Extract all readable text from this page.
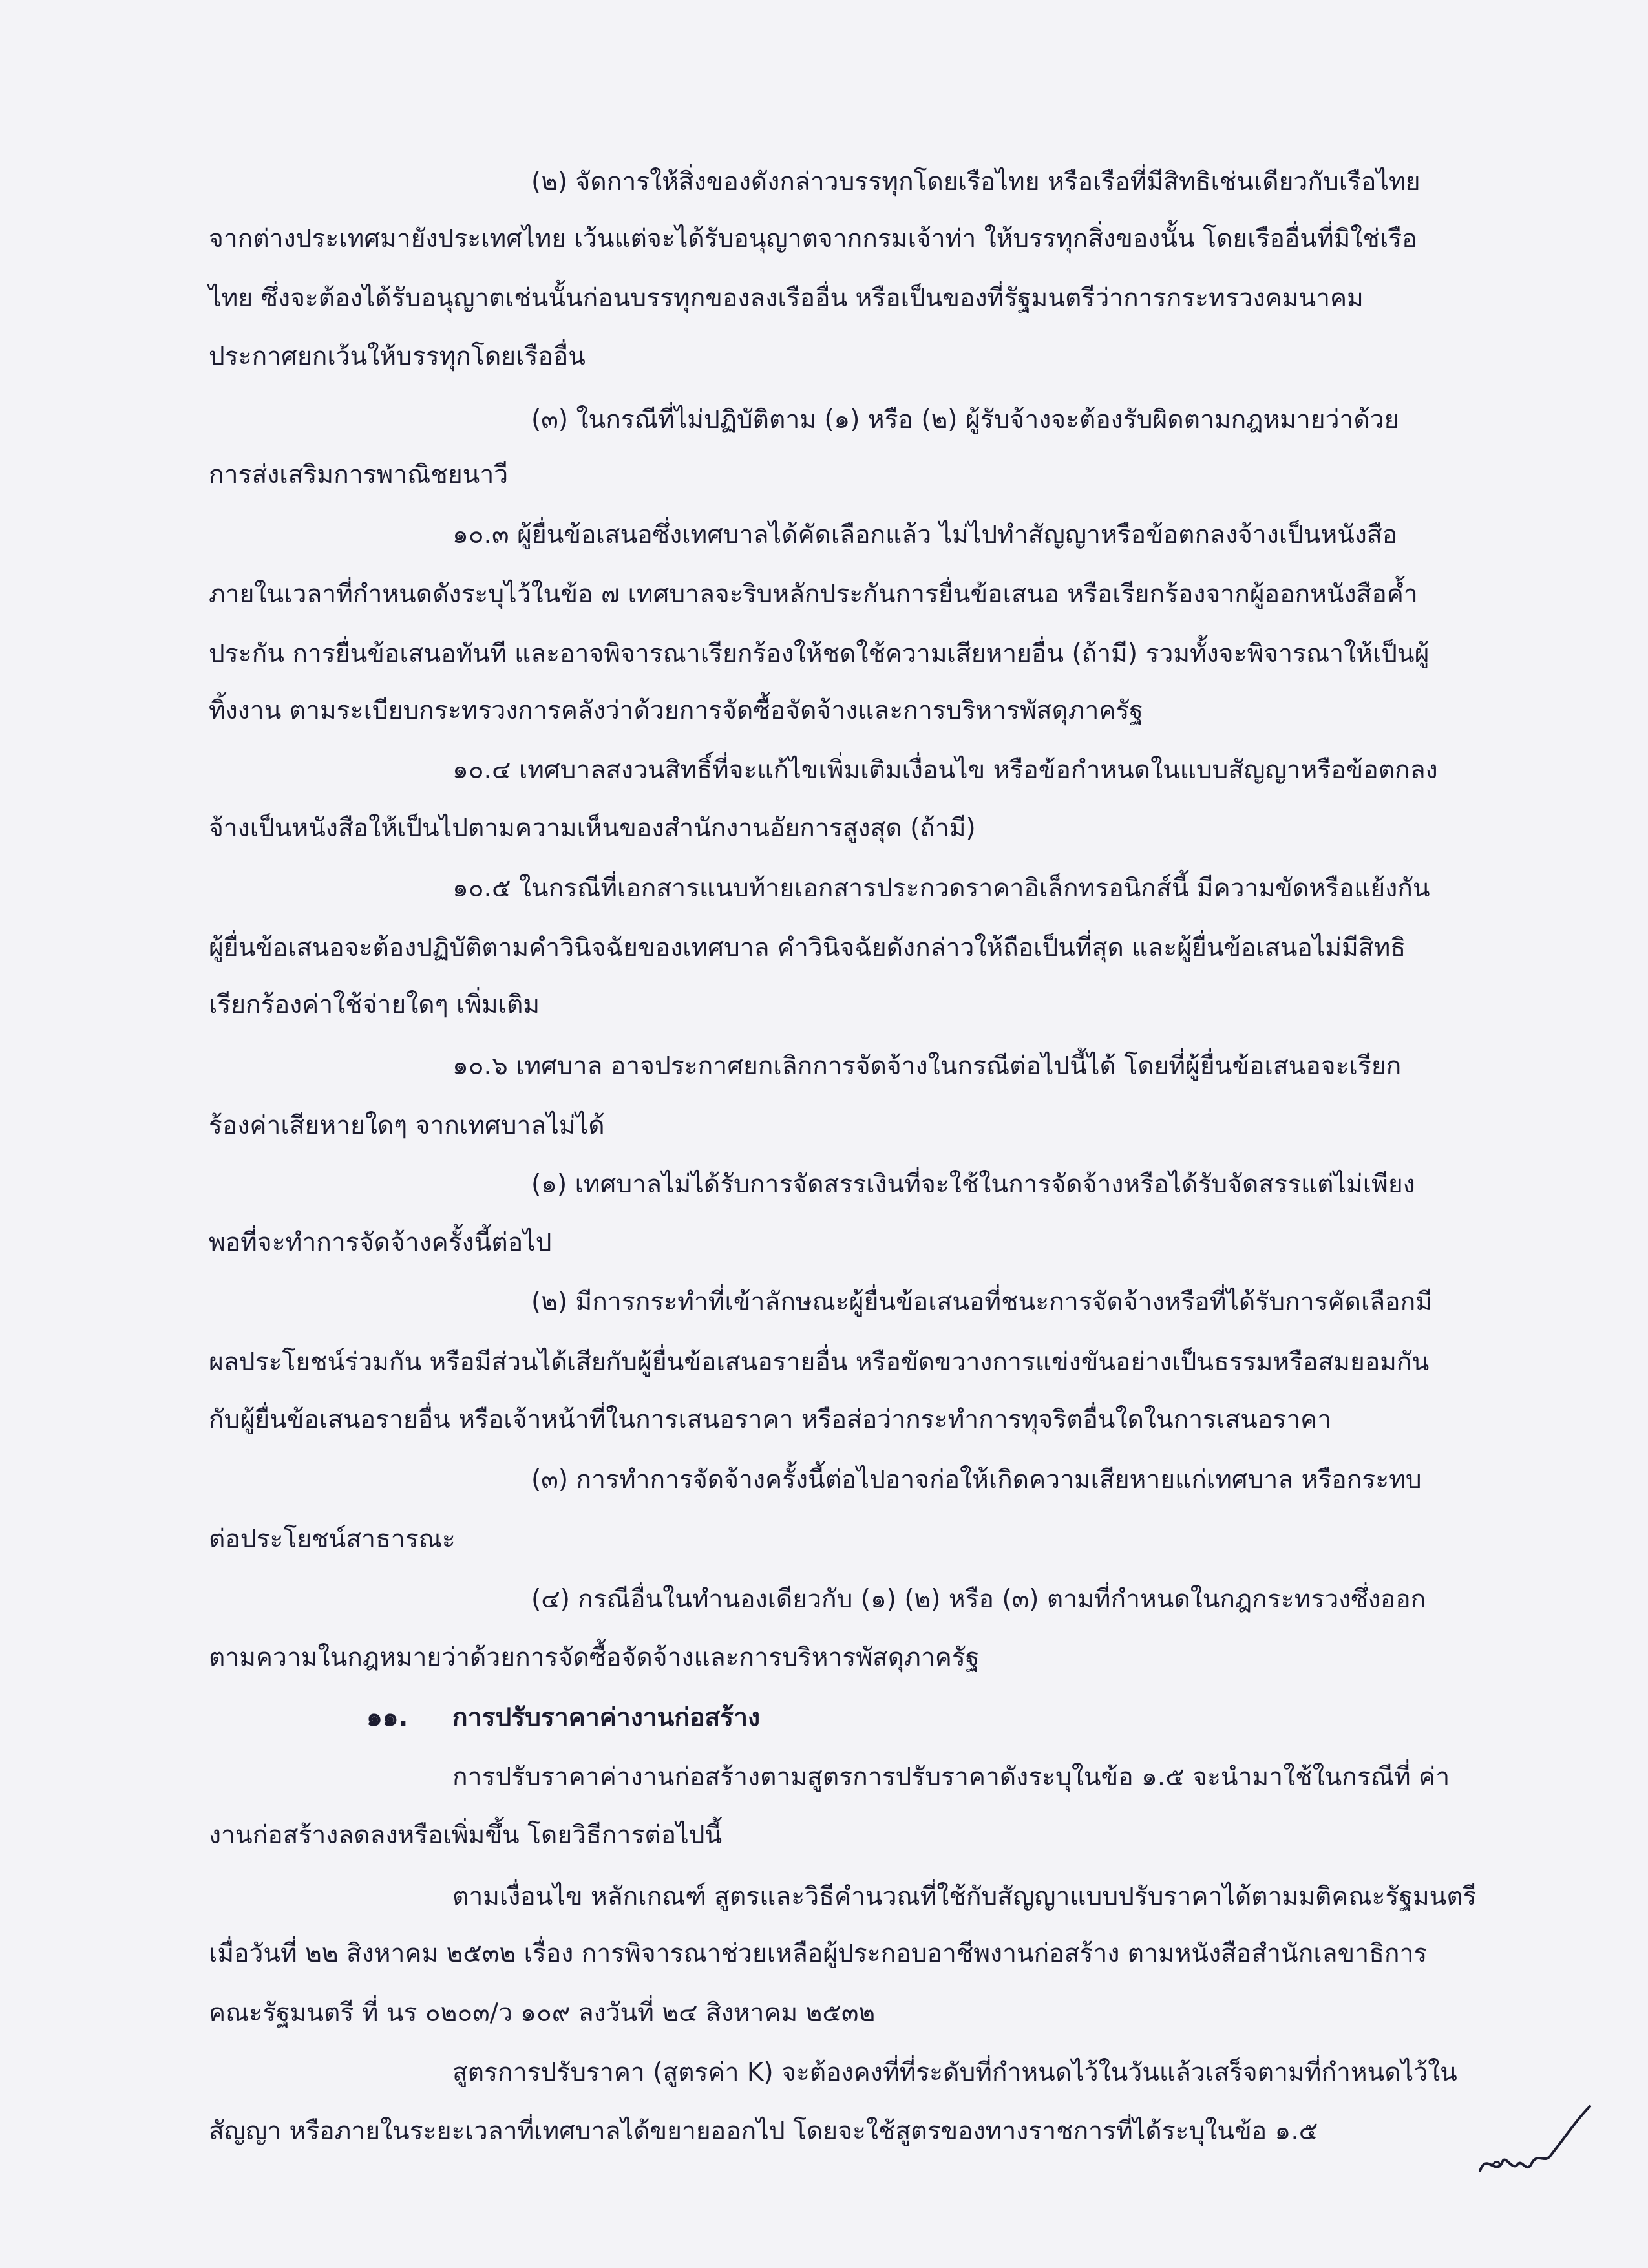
(๒) จัดการให้สิ่งของดังกล่าวบรรทุกโดยเรือไทย หรือเรือที่มีสิทธิเช่นเดียวกับเรือไทย
จากต่างประเทศมายังประเทศไทย เว้นแต่จะได้รับอนุญาตจากกรมเจ้าท่า ให้บรรทุกสิ่งของนั้น โดยเรืออื่นที่มิใช่เรือ
ไทย ซึ่งจะต้องได้รับอนุญาตเช่นนั้นก่อนบรรทุกของลงเรืออื่น หรือเป็นของที่รัฐมนตรีว่าการกระทรวงคมนาคม
ประกาศยกเว้นให้บรรทุกโดยเรืออื่น
(๓) ในกรณีที่ไม่ปฏิบัติตาม (๑) หรือ (๒) ผู้รับจ้างจะต้องรับผิดตามกฎหมายว่าด้วย
การส่งเสริมการพาณิชยนาวี
๑๐.๓ ผู้ยื่นข้อเสนอซึ่งเทศบาลได้คัดเลือกแล้ว ไม่ไปทำสัญญาหรือข้อตกลงจ้างเป็นหนังสือ
ภายในเวลาที่กำหนดดังระบุไว้ในข้อ ๗ เทศบาลจะริบหลักประกันการยื่นข้อเสนอ หรือเรียกร้องจากผู้ออกหนังสือค้ำ
ประกัน การยื่นข้อเสนอทันที และอาจพิจารณาเรียกร้องให้ชดใช้ความเสียหายอื่น (ถ้ามี) รวมทั้งจะพิจารณาให้เป็นผู้
ทิ้งงาน ตามระเบียบกระทรวงการคลังว่าด้วยการจัดซื้อจัดจ้างและการบริหารพัสดุภาครัฐ
๑๐.๔ เทศบาลสงวนสิทธิ์ที่จะแก้ไขเพิ่มเติมเงื่อนไข หรือข้อกำหนดในแบบสัญญาหรือข้อตกลง
จ้างเป็นหนังสือให้เป็นไปตามความเห็นของสำนักงานอัยการสูงสุด (ถ้ามี)
๑๐.๕ ในกรณีที่เอกสารแนบท้ายเอกสารประกวดราคาอิเล็กทรอนิกส์นี้ มีความขัดหรือแย้งกัน
ผู้ยื่นข้อเสนอจะต้องปฏิบัติตามคำวินิจฉัยของเทศบาล คำวินิจฉัยดังกล่าวให้ถือเป็นที่สุด และผู้ยื่นข้อเสนอไม่มีสิทธิ
เรียกร้องค่าใช้จ่ายใดๆ เพิ่มเติม
๑๐.๖ เทศบาล อาจประกาศยกเลิกการจัดจ้างในกรณีต่อไปนี้ได้ โดยที่ผู้ยื่นข้อเสนอจะเรียก
ร้องค่าเสียหายใดๆ จากเทศบาลไม่ได้
(๑) เทศบาลไม่ได้รับการจัดสรรเงินที่จะใช้ในการจัดจ้างหรือได้รับจัดสรรแต่ไม่เพียง
พอที่จะทำการจัดจ้างครั้งนี้ต่อไป
(๒) มีการกระทำที่เข้าลักษณะผู้ยื่นข้อเสนอที่ชนะการจัดจ้างหรือที่ได้รับการคัดเลือกมี
ผลประโยชน์ร่วมกัน หรือมีส่วนได้เสียกับผู้ยื่นข้อเสนอรายอื่น หรือขัดขวางการแข่งขันอย่างเป็นธรรมหรือสมยอมกัน
กับผู้ยื่นข้อเสนอรายอื่น หรือเจ้าหน้าที่ในการเสนอราคา หรือส่อว่ากระทำการทุจริตอื่นใดในการเสนอราคา
(๓) การทำการจัดจ้างครั้งนี้ต่อไปอาจก่อให้เกิดความเสียหายแก่เทศบาล หรือกระทบ
ต่อประโยชน์สาธารณะ
(๔) กรณีอื่นในทำนองเดียวกับ (๑) (๒) หรือ (๓) ตามที่กำหนดในกฎกระทรวงซึ่งออก
ตามความในกฎหมายว่าด้วยการจัดซื้อจัดจ้างและการบริหารพัสดุภาครัฐ
๑๑. การปรับราคาค่างานก่อสร้าง
การปรับราคาค่างานก่อสร้างตามสูตรการปรับราคาดังระบุในข้อ ๑.๕ จะนำมาใช้ในกรณีที่ ค่า
งานก่อสร้างลดลงหรือเพิ่มขึ้น โดยวิธีการต่อไปนี้
ตามเงื่อนไข หลักเกณฑ์ สูตรและวิธีคำนวณที่ใช้กับสัญญาแบบปรับราคาได้ตามมติคณะรัฐมนตรี
เมื่อวันที่ ๒๒ สิงหาคม ๒๕๓๒ เรื่อง การพิจารณาช่วยเหลือผู้ประกอบอาชีพงานก่อสร้าง ตามหนังสือสำนักเลขาธิการ
คณะรัฐมนตรี ที่ นร ๐๒๐๓/ว ๑๐๙ ลงวันที่ ๒๔ สิงหาคม ๒๕๓๒
สูตรการปรับราคา (สูตรค่า K) จะต้องคงที่ที่ระดับที่กำหนดไว้ในวันแล้วเสร็จตามที่กำหนดไว้ใน
สัญญา หรือภายในระยะเวลาที่เทศบาลได้ขยายออกไป โดยจะใช้สูตรของทางราชการที่ได้ระบุในข้อ ๑.๕
